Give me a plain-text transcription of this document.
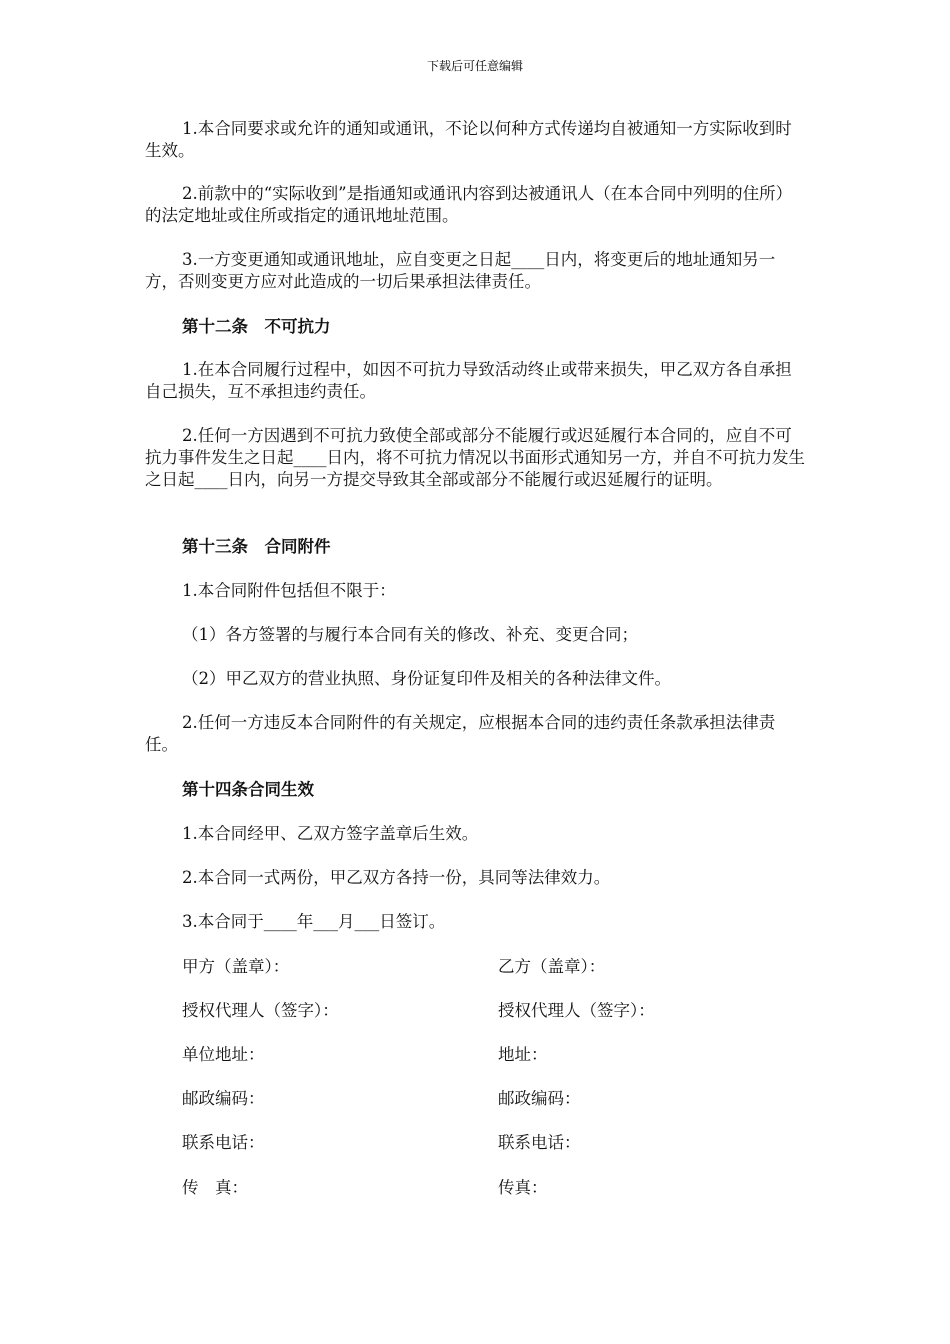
下载后可任意编辑

1.本合同要求或允许的通知或通讯，不论以何种方式传递均自被通知一方实际收到时生效。

2.前款中的“实际收到”是指通知或通讯内容到达被通讯人（在本合同中列明的住所）的法定地址或住所或指定的通讯地址范围。

3.一方变更通知或通讯地址，应自变更之日起____日内，将变更后的地址通知另一方，否则变更方应对此造成的一切后果承担法律责任。

第十二条　不可抗力

1.在本合同履行过程中，如因不可抗力导致活动终止或带来损失，甲乙双方各自承担自己损失，互不承担违约责任。

2.任何一方因遇到不可抗力致使全部或部分不能履行或迟延履行本合同的，应自不可抗力事件发生之日起____日内，将不可抗力情况以书面形式通知另一方，并自不可抗力发生之日起____日内，向另一方提交导致其全部或部分不能履行或迟延履行的证明。

第十三条　合同附件

1.本合同附件包括但不限于：

（1）各方签署的与履行本合同有关的修改、补充、变更合同；

（2）甲乙双方的营业执照、身份证复印件及相关的各种法律文件。

2.任何一方违反本合同附件的有关规定，应根据本合同的违约责任条款承担法律责任。

第十四条合同生效

1.本合同经甲、乙双方签字盖章后生效。

2.本合同一式两份，甲乙双方各持一份，具同等法律效力。

3.本合同于____年___月___日签订。

甲方（盖章）：	乙方（盖章）：

授权代理人（签字）：	授权代理人（签字）：

单位地址：	地址：

邮政编码：	邮政编码：

联系电话：	联系电话：

传　真：	传真：
